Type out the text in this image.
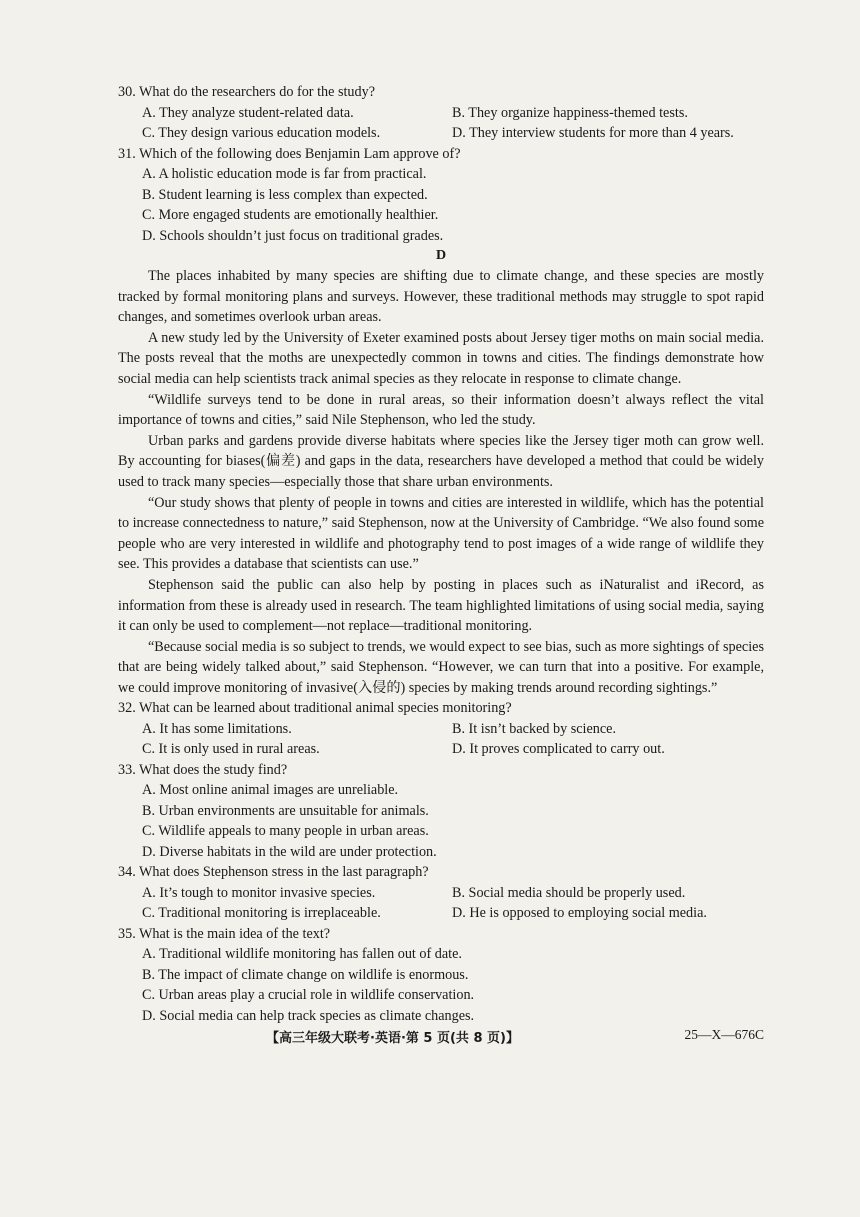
30. What do the researchers do for the study?

A. They analyze student-related data.	B. They organize happiness-themed tests.
C. They design various education models.	D. They interview students for more than 4 years.

31. Which of the following does Benjamin Lam approve of?

A. A holistic education mode is far from practical.
B. Student learning is less complex than expected.
C. More engaged students are emotionally healthier.
D. Schools shouldn’t just focus on traditional grades.

D

The places inhabited by many species are shifting due to climate change, and these species are mostly tracked by formal monitoring plans and surveys. However, these traditional methods may struggle to spot rapid changes, and sometimes overlook urban areas.

A new study led by the University of Exeter examined posts about Jersey tiger moths on main social media. The posts reveal that the moths are unexpectedly common in towns and cities. The findings demonstrate how social media can help scientists track animal species as they relocate in response to climate change.

“Wildlife surveys tend to be done in rural areas, so their information doesn’t always reflect the vital importance of towns and cities,” said Nile Stephenson, who led the study.

Urban parks and gardens provide diverse habitats where species like the Jersey tiger moth can grow well. By accounting for biases(偏差) and gaps in the data, researchers have developed a method that could be widely used to track many species—especially those that share urban environments.

“Our study shows that plenty of people in towns and cities are interested in wildlife, which has the potential to increase connectedness to nature,” said Stephenson, now at the University of Cambridge. “We also found some people who are very interested in wildlife and photography tend to post images of a wide range of wildlife they see. This provides a database that scientists can use.”

Stephenson said the public can also help by posting in places such as iNaturalist and iRecord, as information from these is already used in research. The team highlighted limitations of using social media, saying it can only be used to complement—not replace—traditional monitoring.

“Because social media is so subject to trends, we would expect to see bias, such as more sightings of species that are being widely talked about,” said Stephenson. “However, we can turn that into a positive. For example, we could improve monitoring of invasive(入侵的) species by making trends around recording sightings.”

32. What can be learned about traditional animal species monitoring?

A. It has some limitations.	B. It isn’t backed by science.
C. It is only used in rural areas.	D. It proves complicated to carry out.

33. What does the study find?

A. Most online animal images are unreliable.
B. Urban environments are unsuitable for animals.
C. Wildlife appeals to many people in urban areas.
D. Diverse habitats in the wild are under protection.

34. What does Stephenson stress in the last paragraph?

A. It’s tough to monitor invasive species.	B. Social media should be properly used.
C. Traditional monitoring is irreplaceable.	D. He is opposed to employing social media.

35. What is the main idea of the text?

A. Traditional wildlife monitoring has fallen out of date.
B. The impact of climate change on wildlife is enormous.
C. Urban areas play a crucial role in wildlife conservation.
D. Social media can help track species as climate changes.
【高三年级大联考·英语·第 5 页(共 8 页)】	25—X—676C
